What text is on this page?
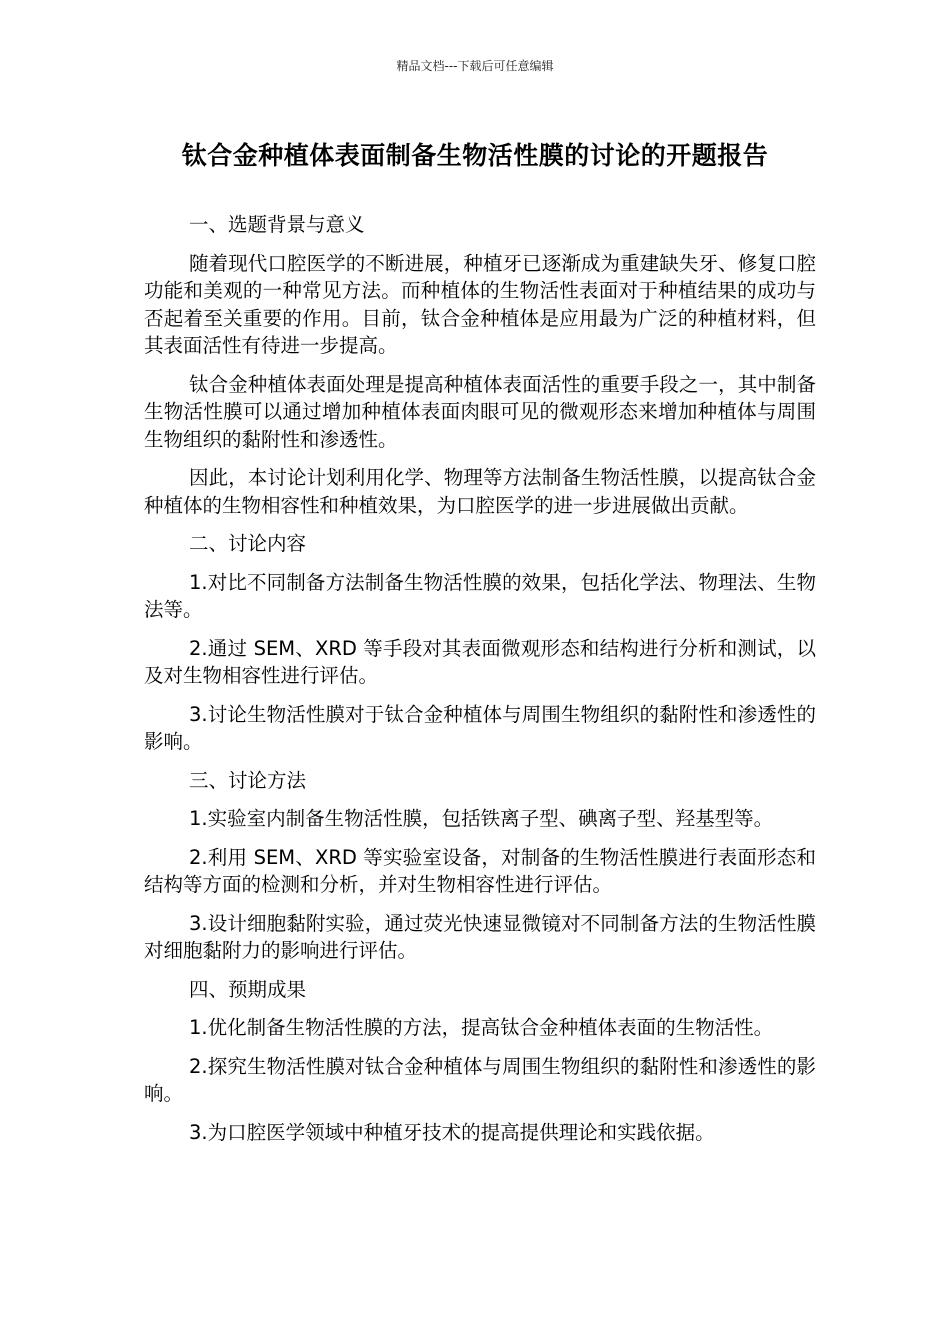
精品文档---下载后可任意编辑
钛合金种植体表面制备生物活性膜的讨论的开题报告

一、选题背景与意义

随着现代口腔医学的不断进展，种植牙已逐渐成为重建缺失牙、修复口腔功能和美观的一种常见方法。而种植体的生物活性表面对于种植结果的成功与否起着至关重要的作用。目前，钛合金种植体是应用最为广泛的种植材料，但其表面活性有待进一步提高。

钛合金种植体表面处理是提高种植体表面活性的重要手段之一，其中制备生物活性膜可以通过增加种植体表面肉眼可见的微观形态来增加种植体与周围生物组织的黏附性和渗透性。

因此，本讨论计划利用化学、物理等方法制备生物活性膜，以提高钛合金种植体的生物相容性和种植效果，为口腔医学的进一步进展做出贡献。

二、讨论内容

1.对比不同制备方法制备生物活性膜的效果，包括化学法、物理法、生物法等。

2.通过 SEM、XRD 等手段对其表面微观形态和结构进行分析和测试，以及对生物相容性进行评估。

3.讨论生物活性膜对于钛合金种植体与周围生物组织的黏附性和渗透性的影响。

三、讨论方法

1.实验室内制备生物活性膜，包括铁离子型、碘离子型、羟基型等。

2.利用 SEM、XRD 等实验室设备，对制备的生物活性膜进行表面形态和结构等方面的检测和分析，并对生物相容性进行评估。

3.设计细胞黏附实验，通过荧光快速显微镜对不同制备方法的生物活性膜对细胞黏附力的影响进行评估。

四、预期成果

1.优化制备生物活性膜的方法，提高钛合金种植体表面的生物活性。

2.探究生物活性膜对钛合金种植体与周围生物组织的黏附性和渗透性的影响。

3.为口腔医学领域中种植牙技术的提高提供理论和实践依据。
